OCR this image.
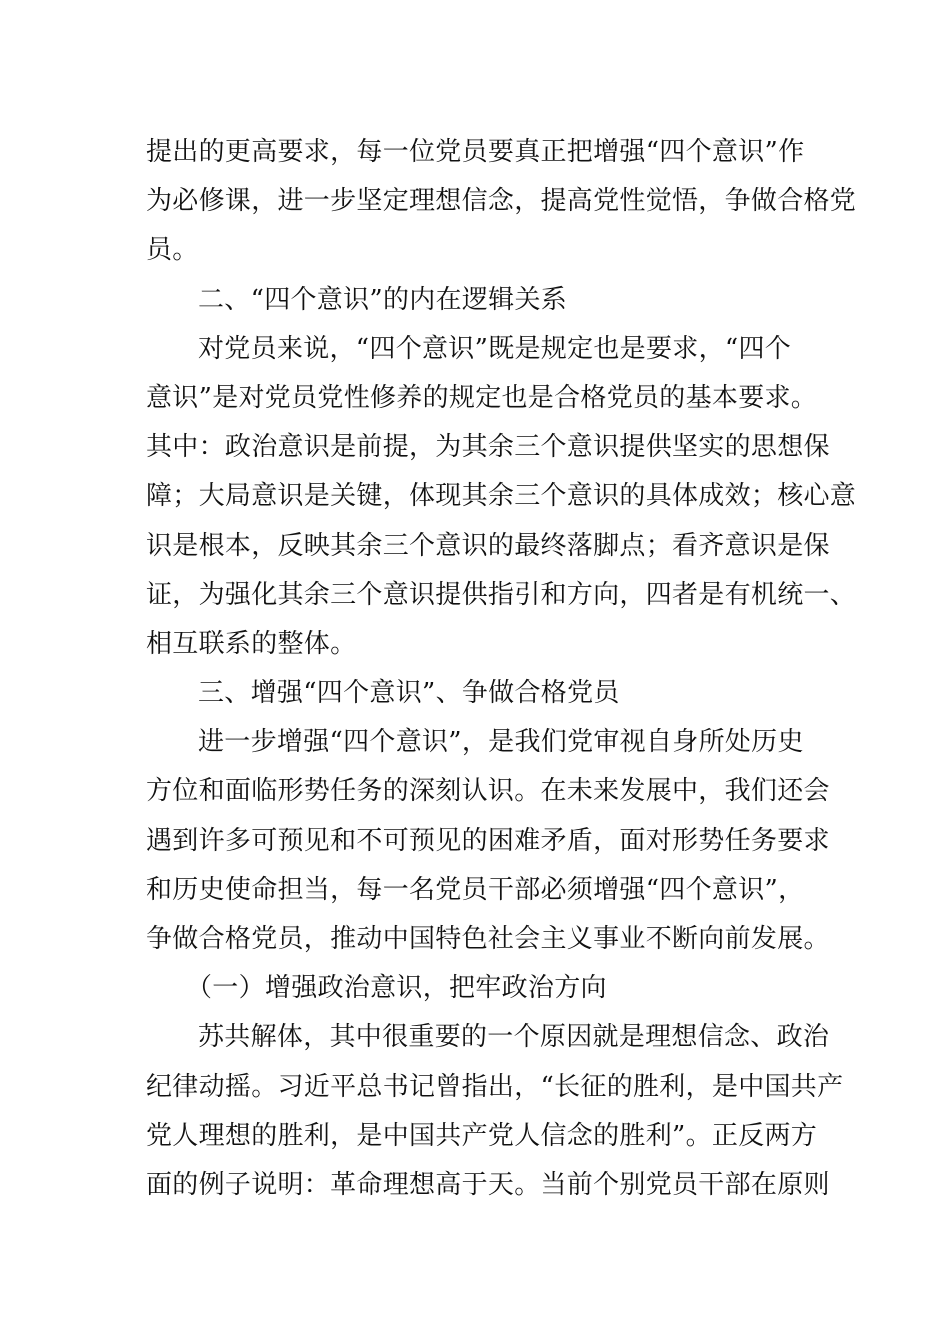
提出的更高要求，每一位党员要真正把增强“四个意识”作
为必修课，进一步坚定理想信念，提高党性觉悟，争做合格党
员。
二、“四个意识”的内在逻辑关系
对党员来说，“四个意识”既是规定也是要求，“四个
意识”是对党员党性修养的规定也是合格党员的基本要求。
其中：政治意识是前提，为其余三个意识提供坚实的思想保
障；大局意识是关键，体现其余三个意识的具体成效；核心意
识是根本，反映其余三个意识的最终落脚点；看齐意识是保
证，为强化其余三个意识提供指引和方向，四者是有机统一、
相互联系的整体。
三、增强“四个意识”、争做合格党员
进一步增强“四个意识”，是我们党审视自身所处历史
方位和面临形势任务的深刻认识。在未来发展中，我们还会
遇到许多可预见和不可预见的困难矛盾，面对形势任务要求
和历史使命担当，每一名党员干部必须增强“四个意识”，
争做合格党员，推动中国特色社会主义事业不断向前发展。
（一）增强政治意识，把牢政治方向
苏共解体，其中很重要的一个原因就是理想信念、政治
纪律动摇。习近平总书记曾指出，“长征的胜利，是中国共产
党人理想的胜利，是中国共产党人信念的胜利”。正反两方
面的例子说明：革命理想高于天。当前个别党员干部在原则
